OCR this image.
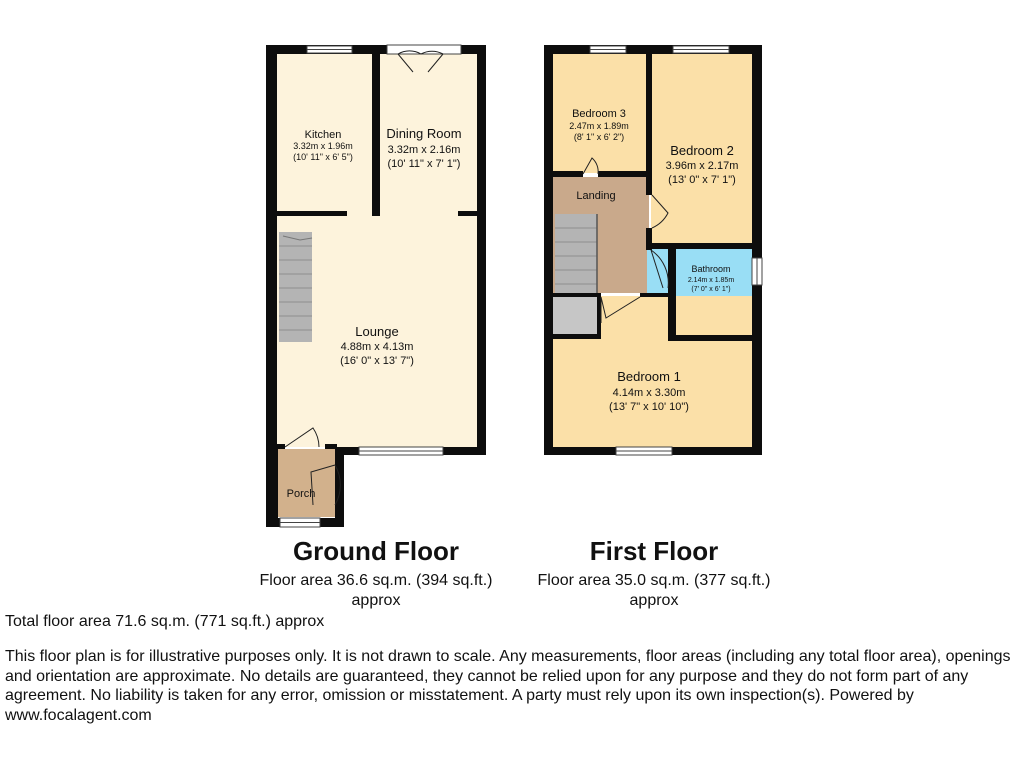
Kitchen
3.32m x 1.96m
(10' 11" x 6' 5")
Dining Room
3.32m x 2.16m
(10' 11" x 7' 1")
Lounge
4.88m x 4.13m
(16' 0" x 13' 7")
Porch
Bedroom 3
2.47m x 1.89m
(8' 1" x 6' 2")
Bedroom 2
3.96m x 2.17m
(13' 0" x 7' 1")
Landing
Bathroom
2.14m x 1.85m
(7' 0" x 6' 1")
Bedroom 1
4.14m x 3.30m
(13' 7" x 10' 10")
Ground Floor
Floor area 36.6 sq.m. (394 sq.ft.)
approx
First Floor
Floor area 35.0 sq.m. (377 sq.ft.)
approx
Total floor area 71.6 sq.m. (771 sq.ft.) approx

This floor plan is for illustrative purposes only. It is not drawn to scale. Any measurements, floor areas (including any total floor area), openings and orientation are approximate. No details are guaranteed, they cannot be relied upon for any purpose and they do not form part of any agreement. No liability is taken for any error, omission or misstatement. A party must rely upon its own inspection(s). Powered by www.focalagent.com
